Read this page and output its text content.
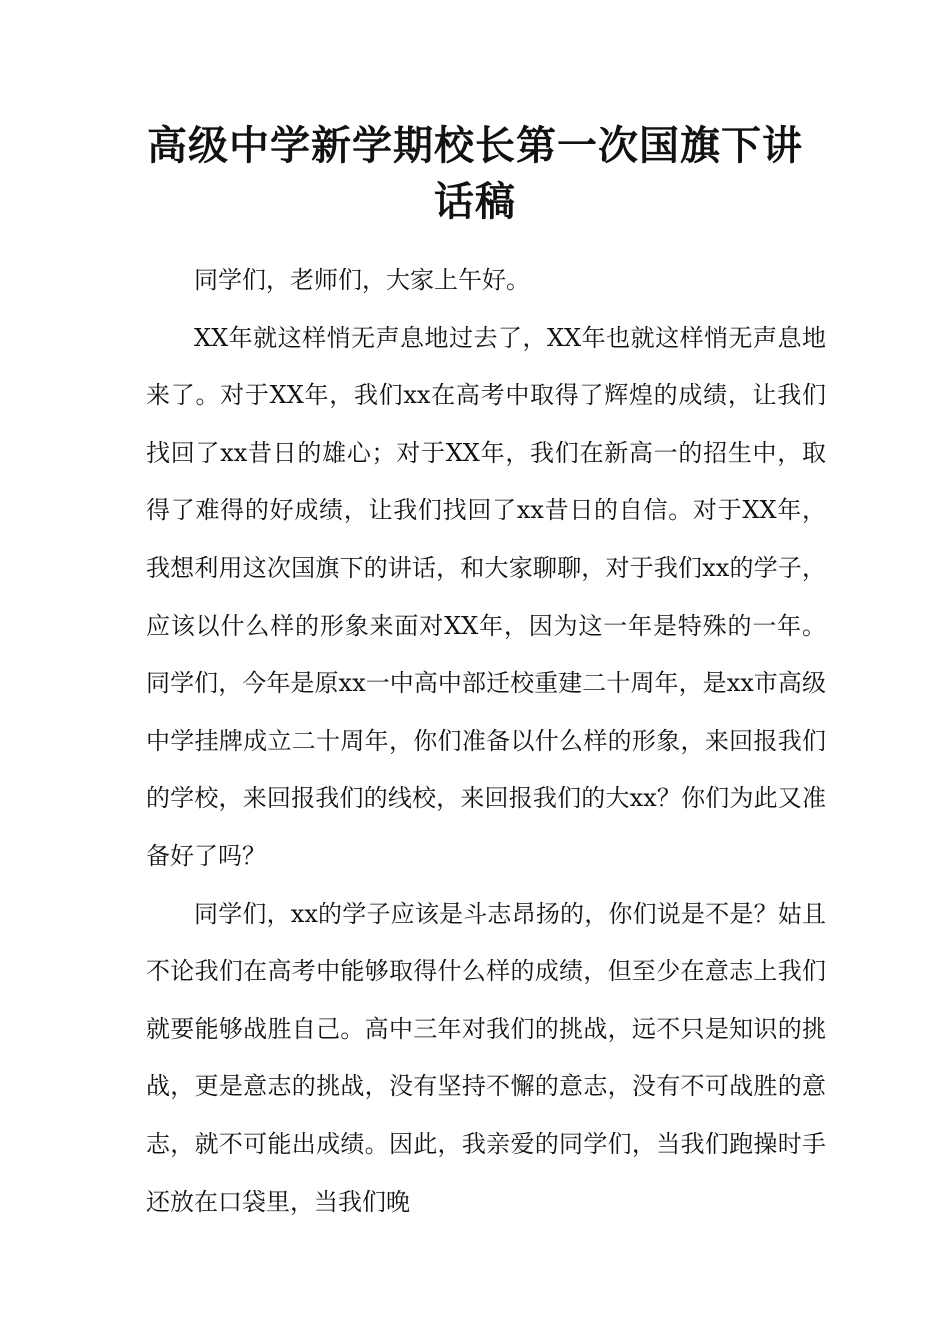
高级中学新学期校长第一次国旗下讲话稿

同学们，老师们，大家上午好。

XX年就这样悄无声息地过去了，XX年也就这样悄无声息地来了。对于XX年，我们xx在高考中取得了辉煌的成绩，让我们找回了xx昔日的雄心；对于XX年，我们在新高一的招生中，取得了难得的好成绩，让我们找回了xx昔日的自信。对于XX年，我想利用这次国旗下的讲话，和大家聊聊，对于我们xx的学子，应该以什么样的形象来面对XX年，因为这一年是特殊的一年。同学们，今年是原xx一中高中部迁校重建二十周年，是xx市高级中学挂牌成立二十周年，你们准备以什么样的形象，来回报我们的学校，来回报我们的线校，来回报我们的大xx？你们为此又准备好了吗？

同学们，xx的学子应该是斗志昂扬的，你们说是不是？姑且不论我们在高考中能够取得什么样的成绩，但至少在意志上我们就要能够战胜自己。高中三年对我们的挑战，远不只是知识的挑战，更是意志的挑战，没有坚持不懈的意志，没有不可战胜的意志，就不可能出成绩。因此，我亲爱的同学们，当我们跑操时手还放在口袋里，当我们晚
